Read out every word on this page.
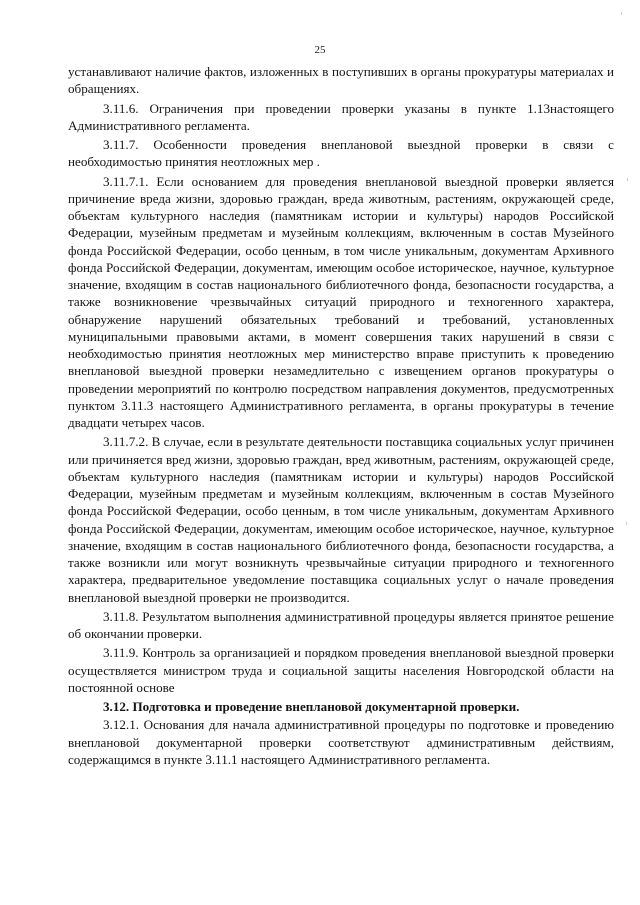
25

устанавливают наличие фактов, изложенных в поступивших в органы прокуратуры материалах и обращениях.

3.11.6. Ограничения при проведении проверки указаны в пункте 1.13настоящего Административного регламента.

3.11.7. Особенности проведения внеплановой выездной проверки в связи с необходимостью принятия неотложных мер .

3.11.7.1. Если основанием для проведения внеплановой выездной проверки является причинение вреда жизни, здоровью граждан, вреда животным, растениям, окружающей среде, объектам культурного наследия (памятникам истории и культуры) народов Российской Федерации, музейным предметам и музейным коллекциям, включенным в состав Музейного фонда Российской Федерации, особо ценным, в том числе уникальным, документам Архивного фонда Российской Федерации, документам, имеющим особое историческое, научное, культурное значение, входящим в состав национального библиотечного фонда, безопасности государства, а также возникновение чрезвычайных ситуаций природного и техногенного характера, обнаружение нарушений обязательных требований и требований, установленных муниципальными правовыми актами, в момент совершения таких нарушений в связи с необходимостью принятия неотложных мер министерство вправе приступить к проведению внеплановой выездной проверки незамедлительно с извещением органов прокуратуры о проведении мероприятий по контролю посредством направления документов, предусмотренных пунктом 3.11.3 настоящего Административного регламента, в органы прокуратуры в течение двадцати четырех часов.

3.11.7.2. В случае, если в результате деятельности поставщика социальных услуг причинен или причиняется вред жизни, здоровью граждан, вред животным, растениям, окружающей среде, объектам культурного наследия (памятникам истории и культуры) народов Российской Федерации, музейным предметам и музейным коллекциям, включенным в состав Музейного фонда Российской Федерации, особо ценным, в том числе уникальным, документам Архивного фонда Российской Федерации, документам, имеющим особое историческое, научное, культурное значение, входящим в состав национального библиотечного фонда, безопасности государства, а также возникли или могут возникнуть чрезвычайные ситуации природного и техногенного характера, предварительное уведомление поставщика социальных услуг о начале проведения внеплановой выездной проверки не производится.

3.11.8. Результатом выполнения административной процедуры является принятое решение об окончании проверки.

3.11.9. Контроль за организацией и порядком проведения внеплановой выездной проверки осуществляется министром труда и социальной защиты населения Новгородской области на постоянной основе

3.12. Подготовка и проведение внеплановой документарной проверки.

3.12.1. Основания для начала административной процедуры по подготовке и проведению внеплановой документарной проверки соответствуют административным действиям, содержащимся в пункте 3.11.1 настоящего Административного регламента.
